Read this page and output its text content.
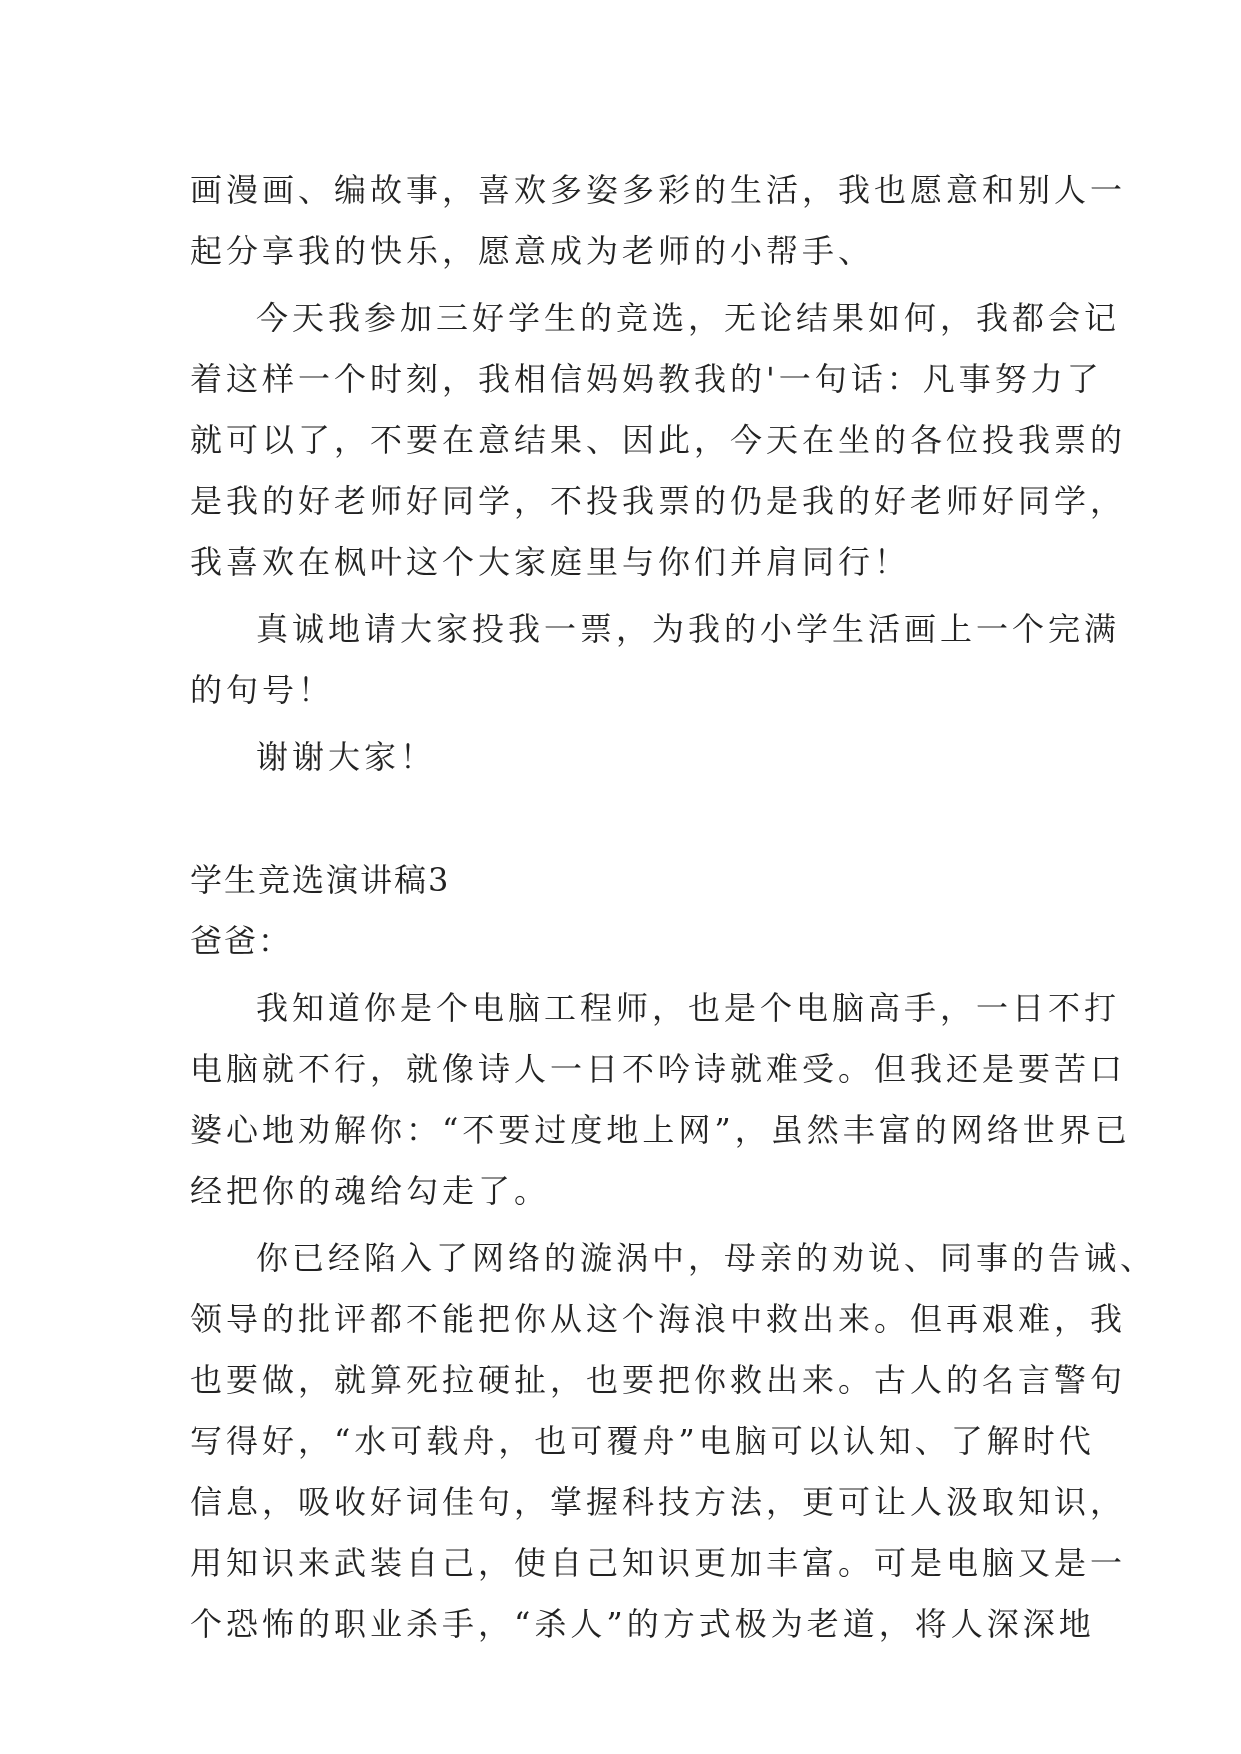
画漫画、编故事，喜欢多姿多彩的生活，我也愿意和别人一
起分享我的快乐，愿意成为老师的小帮手、
今天我参加三好学生的竞选，无论结果如何，我都会记
着这样一个时刻，我相信妈妈教我的'一句话：凡事努力了
就可以了，不要在意结果、因此，今天在坐的各位投我票的
是我的好老师好同学，不投我票的仍是我的好老师好同学，
我喜欢在枫叶这个大家庭里与你们并肩同行！
真诚地请大家投我一票，为我的小学生活画上一个完满
的句号！
谢谢大家！
学生竞选演讲稿3
爸爸：
我知道你是个电脑工程师，也是个电脑高手，一日不打
电脑就不行，就像诗人一日不吟诗就难受。但我还是要苦口
婆心地劝解你：“不要过度地上网”，虽然丰富的网络世界已
经把你的魂给勾走了。
你已经陷入了网络的漩涡中，母亲的劝说、同事的告诫、
领导的批评都不能把你从这个海浪中救出来。但再艰难，我
也要做，就算死拉硬扯，也要把你救出来。古人的名言警句
写得好，“水可载舟，也可覆舟”电脑可以认知、了解时代
信息，吸收好词佳句，掌握科技方法，更可让人汲取知识，
用知识来武装自己，使自己知识更加丰富。可是电脑又是一
个恐怖的职业杀手，“杀人”的方式极为老道，将人深深地
